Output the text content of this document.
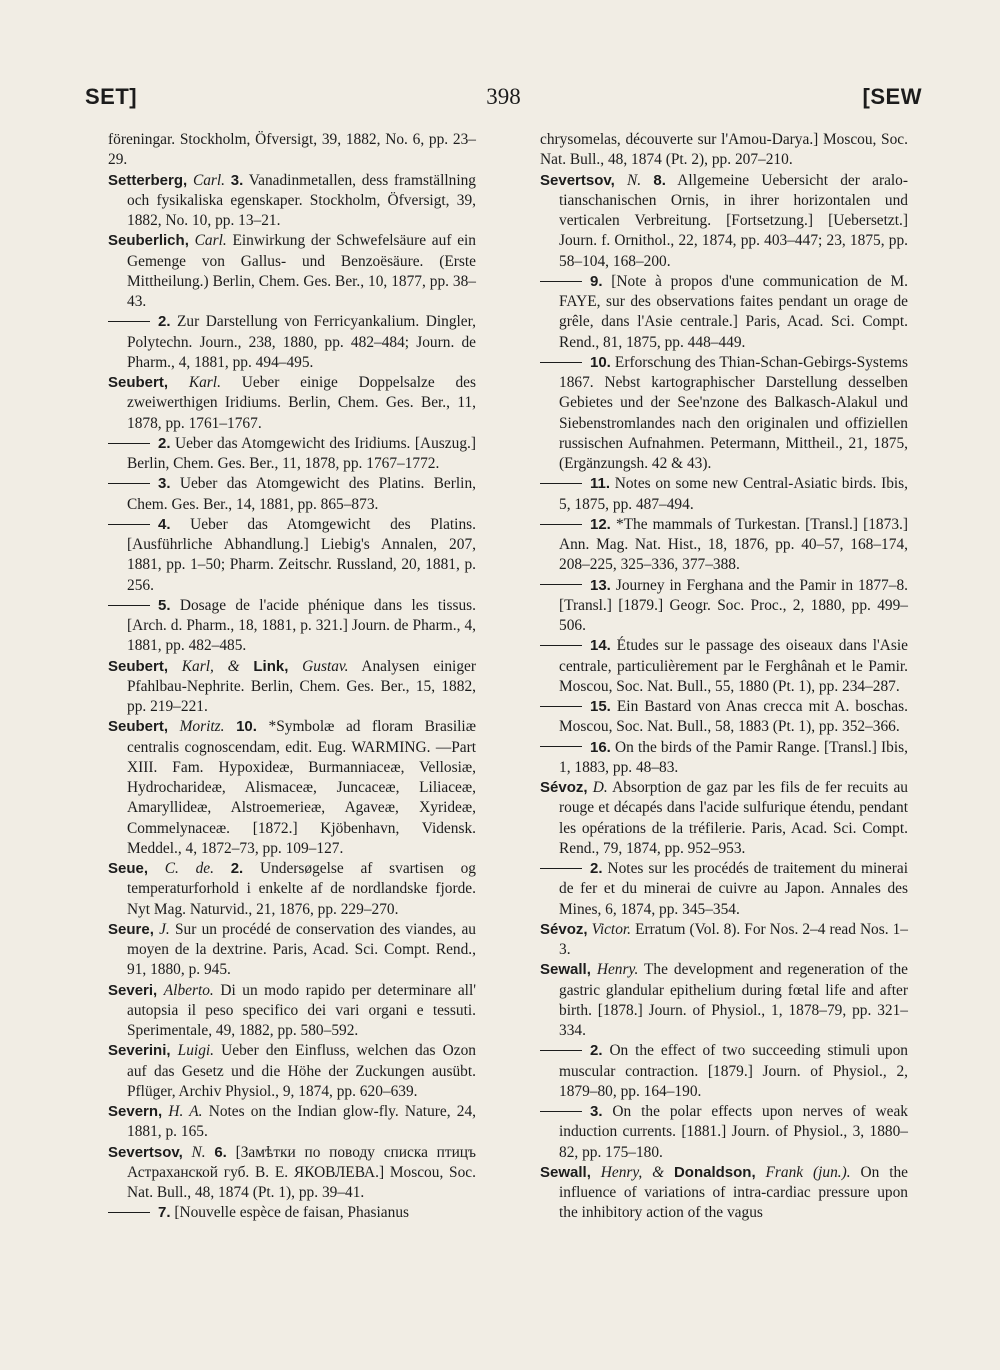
SET]	398	[SEW

föreningar. Stockholm, Öfversigt, 39, 1882, No. 6, pp. 23–29.

Setterberg, Carl. 3. Vanadinmetallen, dess framställning och fysikaliska egenskaper. Stockholm, Öfversigt, 39, 1882, No. 10, pp. 13–21.

Seuberlich, Carl. Einwirkung der Schwefelsäure auf ein Gemenge von Gallus- und Benzoësäure. (Erste Mittheilung.) Berlin, Chem. Ges. Ber., 10, 1877, pp. 38–43.

2. Zur Darstellung von Ferricyankalium. Dingler, Polytechn. Journ., 238, 1880, pp. 482–484; Journ. de Pharm., 4, 1881, pp. 494–495.

Seubert, Karl. Ueber einige Doppelsalze des zweiwerthigen Iridiums. Berlin, Chem. Ges. Ber., 11, 1878, pp. 1761–1767.

2. Ueber das Atomgewicht des Iridiums. [Auszug.] Berlin, Chem. Ges. Ber., 11, 1878, pp. 1767–1772.

3. Ueber das Atomgewicht des Platins. Berlin, Chem. Ges. Ber., 14, 1881, pp. 865–873.

4. Ueber das Atomgewicht des Platins. [Ausführliche Abhandlung.] Liebig's Annalen, 207, 1881, pp. 1–50; Pharm. Zeitschr. Russland, 20, 1881, p. 256.

5. Dosage de l'acide phénique dans les tissus. [Arch. d. Pharm., 18, 1881, p. 321.] Journ. de Pharm., 4, 1881, pp. 482–485.

Seubert, Karl, & Link, Gustav. Analysen einiger Pfahlbau-Nephrite. Berlin, Chem. Ges. Ber., 15, 1882, pp. 219–221.

Seubert, Moritz. 10. *Symbolæ ad floram Brasiliæ centralis cognoscendam, edit. Eug. WARMING. —Part XIII. Fam. Hypoxideæ, Burmanniaceæ, Vellosiæ, Hydrocharideæ, Alismaceæ, Juncaceæ, Liliaceæ, Amaryllideæ, Alstroemerieæ, Agaveæ, Xyrideæ, Commelynaceæ. [1872.] Kjöbenhavn, Vidensk. Meddel., 4, 1872–73, pp. 109–127.

Seue, C. de. 2. Undersøgelse af svartisen og temperaturforhold i enkelte af de nordlandske fjorde. Nyt Mag. Naturvid., 21, 1876, pp. 229–270.

Seure, J. Sur un procédé de conservation des viandes, au moyen de la dextrine. Paris, Acad. Sci. Compt. Rend., 91, 1880, p. 945.

Severi, Alberto. Di un modo rapido per determinare all' autopsia il peso specifico dei vari organi e tessuti. Sperimentale, 49, 1882, pp. 580–592.

Severini, Luigi. Ueber den Einfluss, welchen das Ozon auf das Gesetz und die Höhe der Zuckungen ausübt. Pflüger, Archiv Physiol., 9, 1874, pp. 620–639.

Severn, H. A. Notes on the Indian glow-fly. Nature, 24, 1881, p. 165.

Severtsov, N. 6. [Замѣтки по поводу списка птицъ Астраханской губ. В. Е. ЯКОВЛЕВА.] Moscou, Soc. Nat. Bull., 48, 1874 (Pt. 1), pp. 39–41.

7. [Nouvelle espèce de faisan, Phasianus

chrysomelas, découverte sur l'Amou-Darya.] Moscou, Soc. Nat. Bull., 48, 1874 (Pt. 2), pp. 207–210.

Severtsov, N. 8. Allgemeine Uebersicht der aralo-tianschanischen Ornis, in ihrer horizontalen und verticalen Verbreitung. [Fortsetzung.] [Uebersetzt.] Journ. f. Ornithol., 22, 1874, pp. 403–447; 23, 1875, pp. 58–104, 168–200.

9. [Note à propos d'une communication de M. FAYE, sur des observations faites pendant un orage de grêle, dans l'Asie centrale.] Paris, Acad. Sci. Compt. Rend., 81, 1875, pp. 448–449.

10. Erforschung des Thian-Schan-Gebirgs-Systems 1867. Nebst kartographischer Darstellung desselben Gebietes und der See'nzone des Balkasch-Alakul und Siebenstromlandes nach den originalen und offiziellen russischen Aufnahmen. Petermann, Mittheil., 21, 1875, (Ergänzungsh. 42 & 43).

11. Notes on some new Central-Asiatic birds. Ibis, 5, 1875, pp. 487–494.

12. *The mammals of Turkestan. [Transl.] [1873.] Ann. Mag. Nat. Hist., 18, 1876, pp. 40–57, 168–174, 208–225, 325–336, 377–388.

13. Journey in Ferghana and the Pamir in 1877–8. [Transl.] [1879.] Geogr. Soc. Proc., 2, 1880, pp. 499–506.

14. Études sur le passage des oiseaux dans l'Asie centrale, particulièrement par le Ferghânah et le Pamir. Moscou, Soc. Nat. Bull., 55, 1880 (Pt. 1), pp. 234–287.

15. Ein Bastard von Anas crecca mit A. boschas. Moscou, Soc. Nat. Bull., 58, 1883 (Pt. 1), pp. 352–366.

16. On the birds of the Pamir Range. [Transl.] Ibis, 1, 1883, pp. 48–83.

Sévoz, D. Absorption de gaz par les fils de fer recuits au rouge et décapés dans l'acide sulfurique étendu, pendant les opérations de la tréfilerie. Paris, Acad. Sci. Compt. Rend., 79, 1874, pp. 952–953.

2. Notes sur les procédés de traitement du minerai de fer et du minerai de cuivre au Japon. Annales des Mines, 6, 1874, pp. 345–354.

Sévoz, Victor. Erratum (Vol. 8). For Nos. 2–4 read Nos. 1–3.

Sewall, Henry. The development and regeneration of the gastric glandular epithelium during fœtal life and after birth. [1878.] Journ. of Physiol., 1, 1878–79, pp. 321–334.

2. On the effect of two succeeding stimuli upon muscular contraction. [1879.] Journ. of Physiol., 2, 1879–80, pp. 164–190.

3. On the polar effects upon nerves of weak induction currents. [1881.] Journ. of Physiol., 3, 1880–82, pp. 175–180.

Sewall, Henry, & Donaldson, Frank (jun.). On the influence of variations of intra-cardiac pressure upon the inhibitory action of the vagus
